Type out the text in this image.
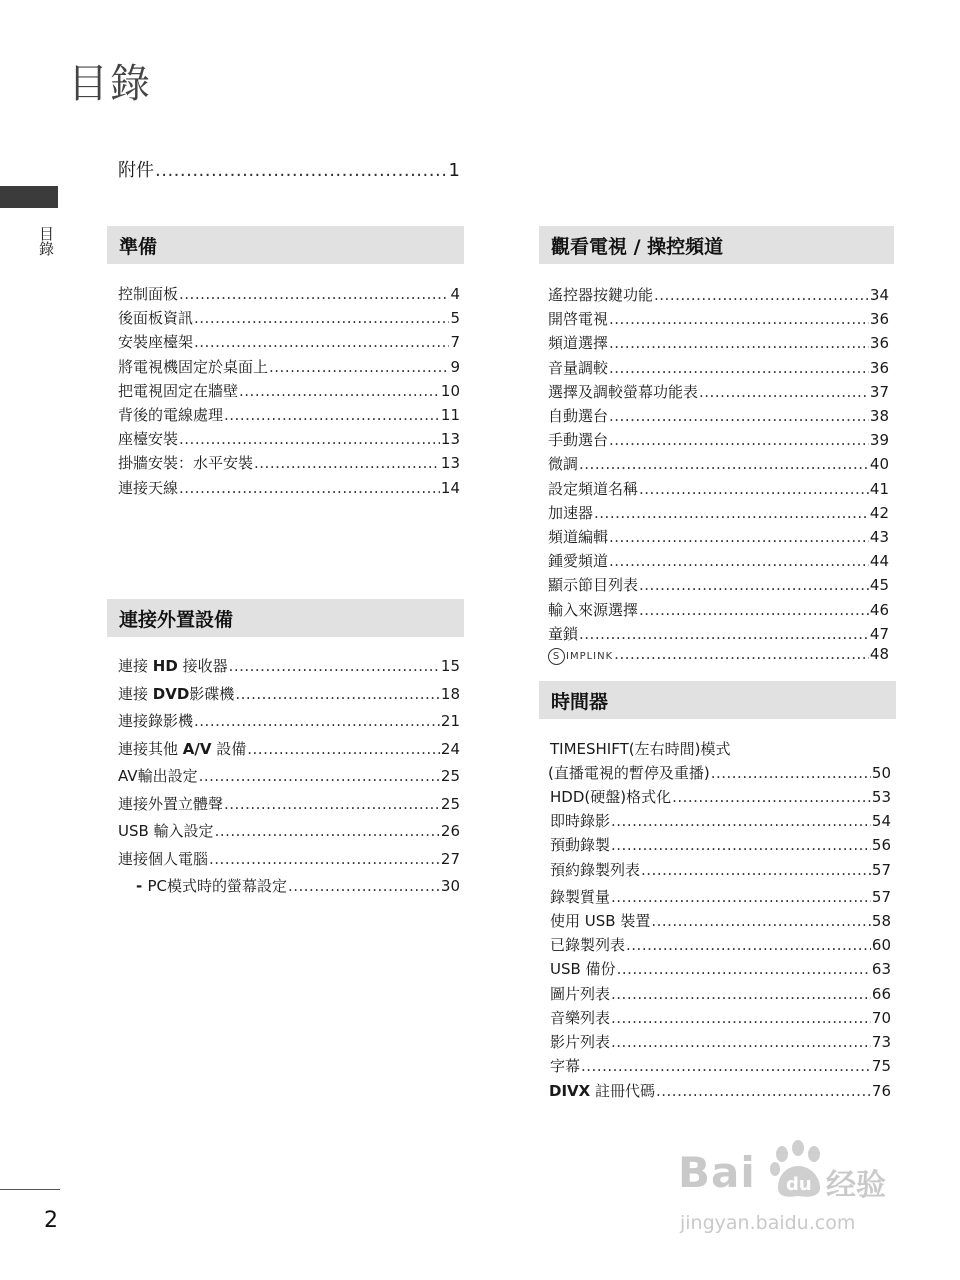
目錄
目錄
附件 .....	1
準備
控制面板 .....	4
後面板資訊 .....	5
安裝座檯架 .....	7
將電視機固定於桌面上 .....	9
把電視固定在牆壁 .....	10
背後的電線處理 .....	11
座檯安裝 .....	13
掛牆安裝：水平安裝 .....	13
連接天線 .....	14
連接外置設備
連接 HD 接收器 .....	15
連接 DVD影碟機 .....	18
連接錄影機 .....	21
連接其他 A/V 設備 .....	24
AV輸出設定 .....	25
連接外置立體聲 .....	25
USB 輸入設定 .....	26
連接個人電腦 .....	27
- PC模式時的螢幕設定 .....	30
觀看電視 / 操控頻道
遙控器按鍵功能 .....	34
開啓電視 .....	36
頻道選擇 .....	36
音量調較 .....	36
選擇及調較螢幕功能表 .....	37
自動選台 .....	38
手動選台 .....	39
微調 .....	40
設定頻道名稱 .....	41
加速器 .....	42
頻道編輯 .....	43
鍾愛頻道 .....	44
顯示節目列表 .....	45
輸入來源選擇 .....	46
童鎖 .....	47
S IMPLINK .....	48
時間器
TIMESHIFT(左右時間)模式
(直播電視的暫停及重播) .....	50
HDD(硬盤)格式化 .....	53
即時錄影 .....	54
預動錄製 .....	56
預約錄製列表 .....	57
錄製質量 .....	57
使用 USB 裝置 .....	58
已錄製列表 .....	60
USB 備份 .....	63
圖片列表 .....	66
音樂列表 .....	70
影片列表 .....	73
字幕 .....	75
DIVX 註冊代碼 .....	76
2
Bai du 经验
jingyan.baidu.com
